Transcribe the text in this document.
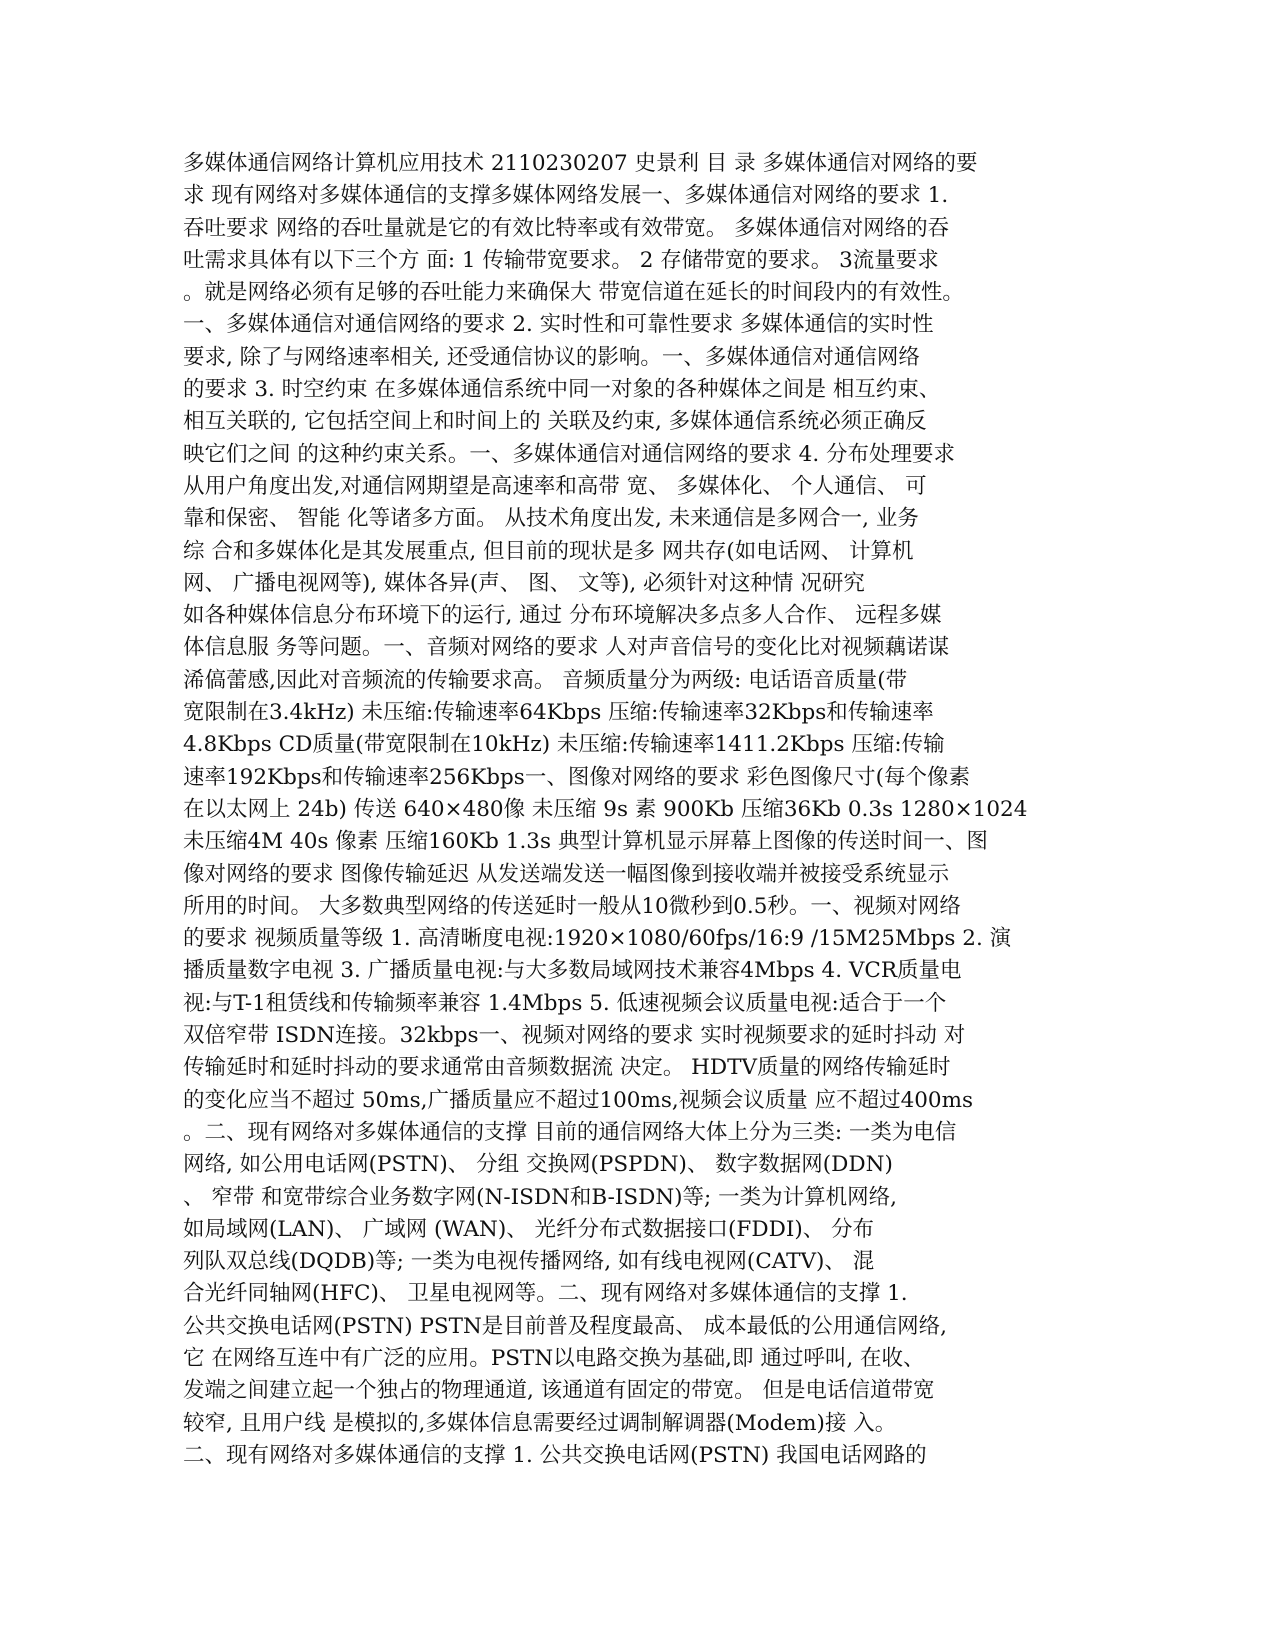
多媒体通信网络计算机应用技术 2110230207 史景利 目 录 多媒体通信对网络的要
求 现有网络对多媒体通信的支撑多媒体网络发展一、多媒体通信对网络的要求 1.
吞吐要求 网络的吞吐量就是它的有效比特率或有效带宽。 多媒体通信对网络的吞
吐需求具体有以下三个方 面: 1 传输带宽要求。 2 存储带宽的要求。 3流量要求
。就是网络必须有足够的吞吐能力来确保大 带宽信道在延长的时间段内的有效性。
一、多媒体通信对通信网络的要求 2. 实时性和可靠性要求 多媒体通信的实时性
要求, 除了与网络速率相关, 还受通信协议的影响。一、多媒体通信对通信网络
的要求 3. 时空约束 在多媒体通信系统中同一对象的各种媒体之间是 相互约束、
相互关联的, 它包括空间上和时间上的 关联及约束, 多媒体通信系统必须正确反
映它们之间 的这种约束关系。一、多媒体通信对通信网络的要求 4. 分布处理要求
从用户角度出发,对通信网期望是高速率和高带 宽、 多媒体化、 个人通信、 可
靠和保密、 智能 化等诸多方面。 从技术角度出发, 未来通信是多网合一, 业务
综 合和多媒体化是其发展重点, 但目前的现状是多 网共存(如电话网、 计算机
网、 广播电视网等), 媒体各异(声、 图、 文等), 必须针对这种情 况研究
如各种媒体信息分布环境下的运行, 通过 分布环境解决多点多人合作、 远程多媒
体信息服 务等问题。一、音频对网络的要求 人对声音信号的变化比对视频藕诺谋
浠傐蕾感,因此对音频流的传输要求高。 音频质量分为两级: 电话语音质量(带
宽限制在3.4kHz) 未压缩:传输速率64Kbps 压缩:传输速率32Kbps和传输速率
4.8Kbps CD质量(带宽限制在10kHz) 未压缩:传输速率1411.2Kbps 压缩:传输
速率192Kbps和传输速率256Kbps一、图像对网络的要求 彩色图像尺寸(每个像素
在以太网上 24b) 传送 640×480像 未压缩 9s 素 900Kb 压缩36Kb 0.3s 1280×1024
未压缩4M 40s 像素 压缩160Kb 1.3s 典型计算机显示屏幕上图像的传送时间一、图
像对网络的要求 图像传输延迟 从发送端发送一幅图像到接收端并被接受系统显示
所用的时间。 大多数典型网络的传送延时一般从10微秒到0.5秒。一、视频对网络
的要求 视频质量等级 1. 高清晰度电视:1920×1080/60fps/16:9 /15M25Mbps 2. 演
播质量数字电视 3. 广播质量电视:与大多数局域网技术兼容4Mbps 4. VCR质量电
视:与T-1租赁线和传输频率兼容 1.4Mbps 5. 低速视频会议质量电视:适合于一个
双倍窄带 ISDN连接。32kbps一、视频对网络的要求 实时视频要求的延时抖动 对
传输延时和延时抖动的要求通常由音频数据流 决定。 HDTV质量的网络传输延时
的变化应当不超过 50ms,广播质量应不超过100ms,视频会议质量 应不超过400ms
。二、现有网络对多媒体通信的支撑 目前的通信网络大体上分为三类: 一类为电信
网络, 如公用电话网(PSTN)、 分组 交换网(PSPDN)、 数字数据网(DDN)
、 窄带 和宽带综合业务数字网(N-ISDN和B-ISDN)等; 一类为计算机网络,
如局域网(LAN)、 广域网 (WAN)、 光纤分布式数据接口(FDDI)、 分布
列队双总线(DQDB)等; 一类为电视传播网络, 如有线电视网(CATV)、 混
合光纤同轴网(HFC)、 卫星电视网等。二、现有网络对多媒体通信的支撑 1.
公共交换电话网(PSTN) PSTN是目前普及程度最高、 成本最低的公用通信网络,
它 在网络互连中有广泛的应用。PSTN以电路交换为基础,即 通过呼叫, 在收、
发端之间建立起一个独占的物理通道, 该通道有固定的带宽。 但是电话信道带宽
较窄, 且用户线 是模拟的,多媒体信息需要经过调制解调器(Modem)接 入。
二、现有网络对多媒体通信的支撑 1. 公共交换电话网(PSTN) 我国电话网路的
